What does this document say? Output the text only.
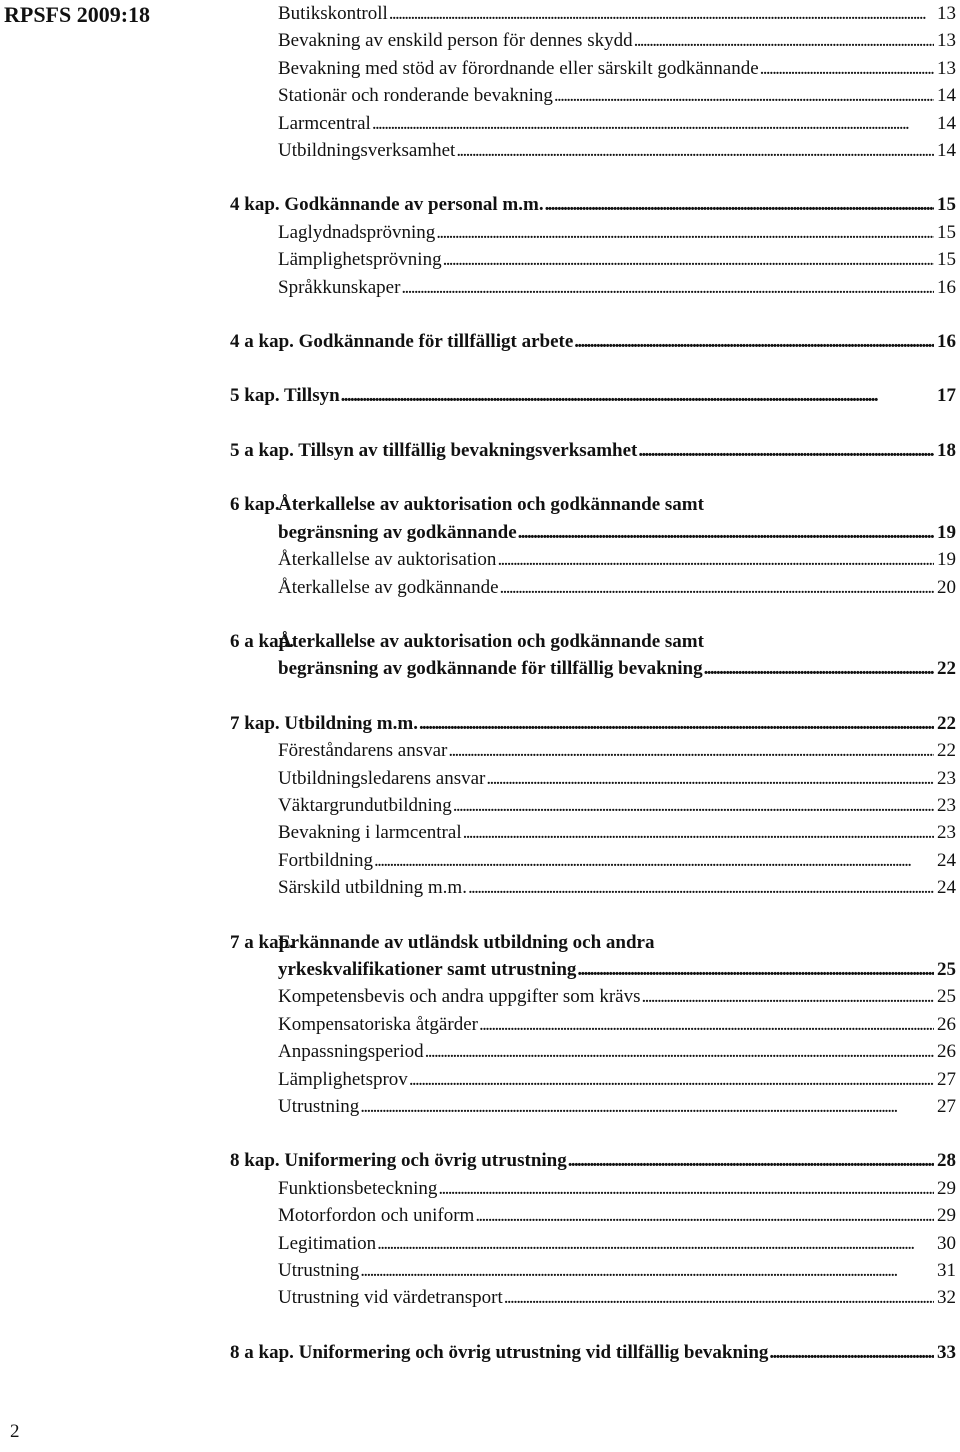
RPSFS 2009:18	Butikskontroll . . .	13
Bevakning av enskild person för dennes skydd . . .	13
Bevakning med stöd av förordnande eller särskilt godkännande . . .	13
Stationär och ronderande bevakning . . .	14
Larmcentral . . .	14
Utbildningsverksamhet . . .	14
4 kap. Godkännande av personal m.m. . . .	15
Laglydnadsprövning . . .	15
Lämplighetsprövning . . .	15
Språkkunskaper . . .	16
4 a kap. Godkännande för tillfälligt arbete . . .	16
5 kap. Tillsyn . . .	17
5 a kap. Tillsyn av tillfällig bevakningsverksamhet . . .	18
6 kap.
Återkallelse av auktorisation och godkännande samt
begränsning av godkännande . . .	19
Återkallelse av auktorisation . . .	19
Återkallelse av godkännande . . .	20
6 a kap.
Återkallelse av auktorisation och godkännande samt
begränsning av godkännande för tillfällig bevakning . . .	22
7 kap. Utbildning m.m. . . .	22
Föreståndarens ansvar . . .	22
Utbildningsledarens ansvar . . .	23
Väktargrundutbildning . . .	23
Bevakning i larmcentral . . .	23
Fortbildning . . .	24
Särskild utbildning m.m. . . .	24
7 a kap.
Erkännande av utländsk utbildning och andra
yrkeskvalifikationer samt utrustning . . .	25
Kompetensbevis och andra uppgifter som krävs . . .	25
Kompensatoriska åtgärder . . .	26
Anpassningsperiod . . .	26
Lämplighetsprov . . .	27
Utrustning . . .	27
8 kap. Uniformering och övrig utrustning . . .	28
Funktionsbeteckning . . .	29
Motorfordon och uniform . . .	29
Legitimation . . .	30
Utrustning . . .	31
Utrustning vid värdetransport . . .	32
8 a kap. Uniformering och övrig utrustning vid tillfällig bevakning . . .	33
2
